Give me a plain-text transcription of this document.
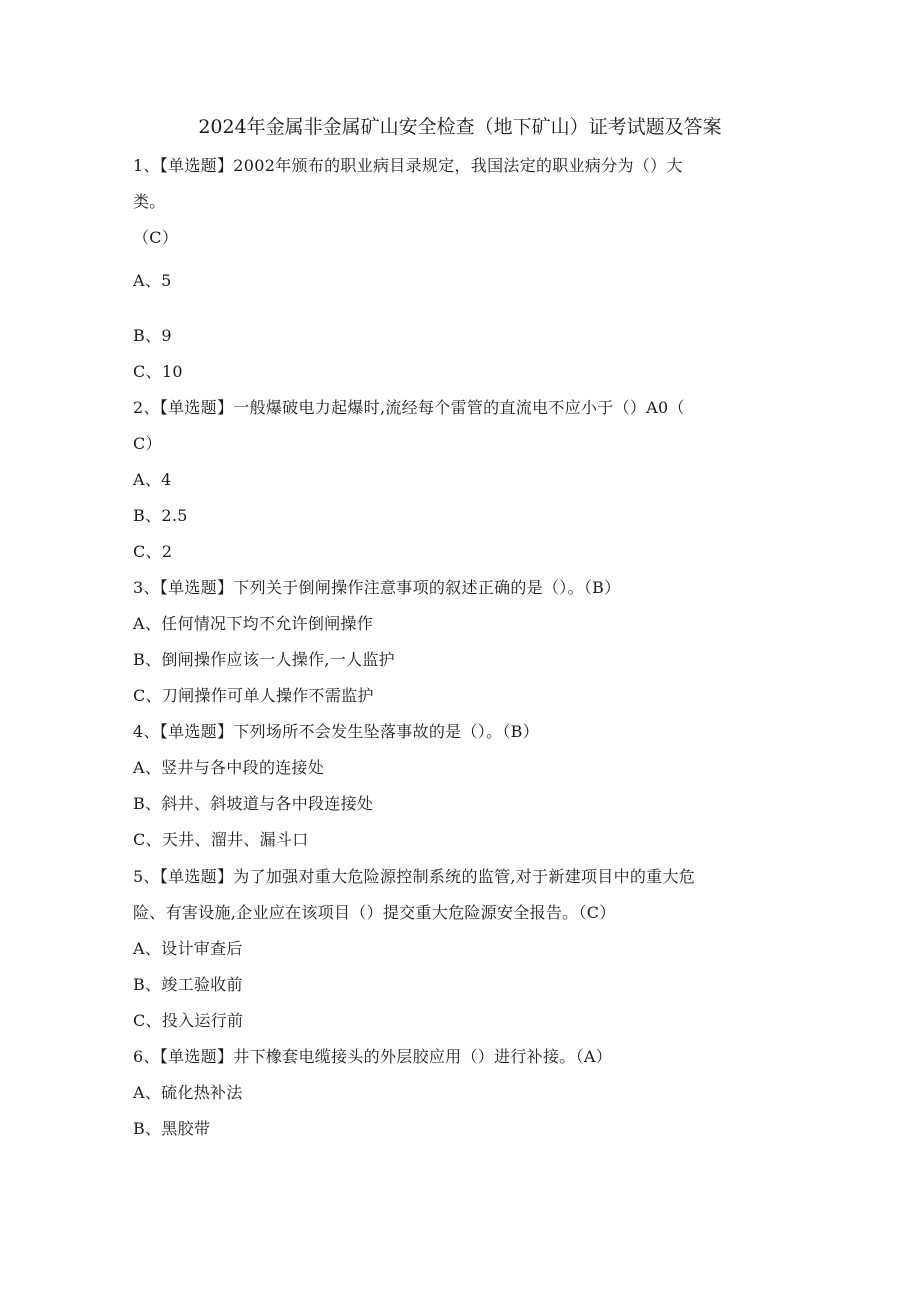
2024年金属非金属矿山安全检查（地下矿山）证考试题及答案
1、【单选题】2002年颁布的职业病目录规定，我国法定的职业病分为（）大
类。
（C）
A、5
B、9
C、10
2、【单选题】一般爆破电力起爆时,流经每个雷管的直流电不应小于（）A0（
C）
A、4
B、2.5
C、2
3、【单选题】下列关于倒闸操作注意事项的叙述正确的是（）。（B）
A、任何情况下均不允许倒闸操作
B、倒闸操作应该一人操作,一人监护
C、刀闸操作可单人操作不需监护
4、【单选题】下列场所不会发生坠落事故的是（）。（B）
A、竖井与各中段的连接处
B、斜井、斜坡道与各中段连接处
C、天井、溜井、漏斗口
5、【单选题】为了加强对重大危险源控制系统的监管,对于新建项目中的重大危
险、有害设施,企业应在该项目（）提交重大危险源安全报告。（C）
A、设计审查后
B、竣工验收前
C、投入运行前
6、【单选题】井下橡套电缆接头的外层胶应用（）进行补接。（A）
A、硫化热补法
B、黑胶带
